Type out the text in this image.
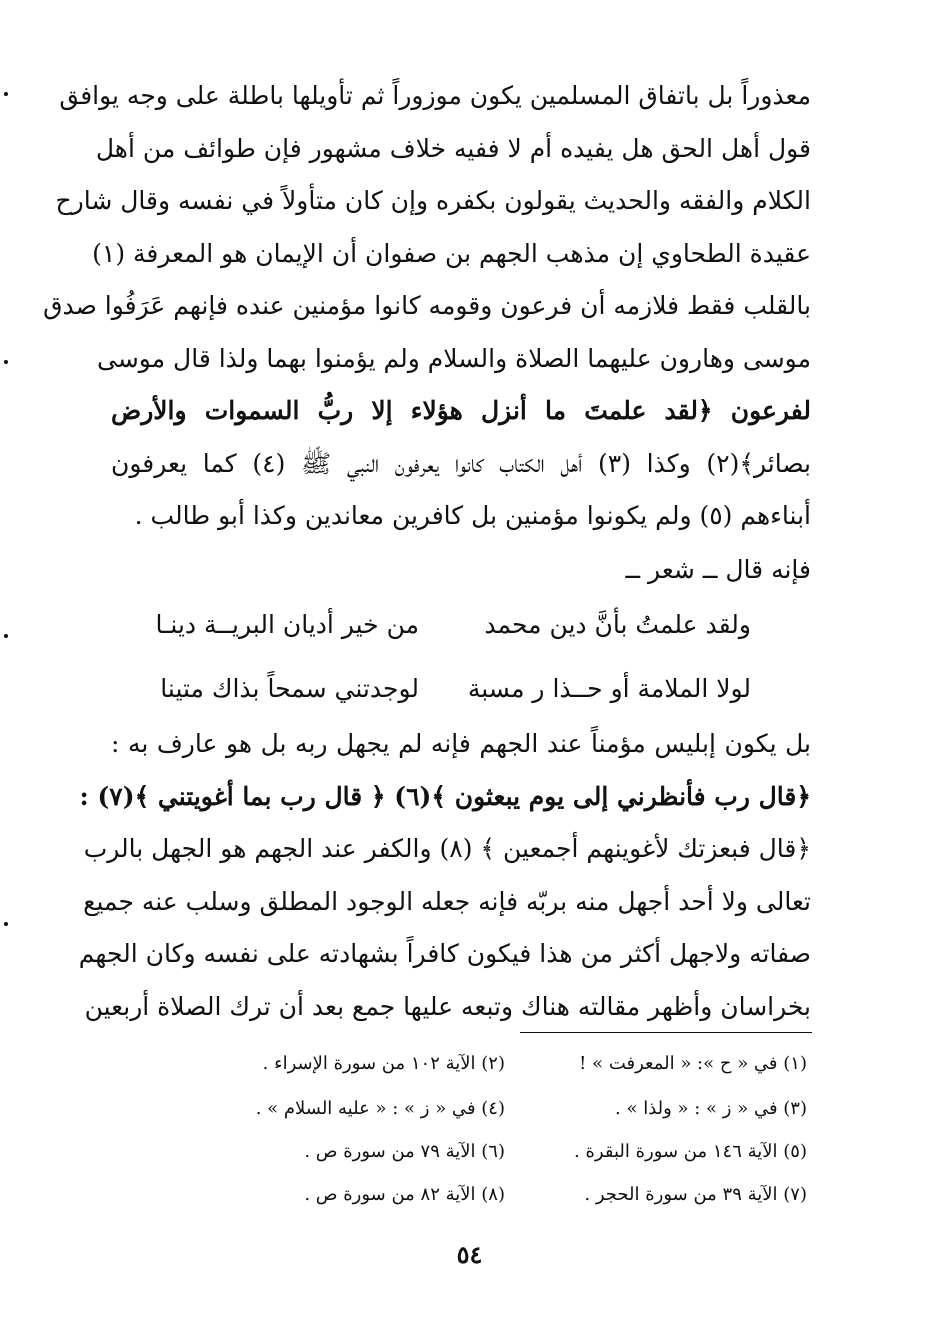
معذوراً بل باتفاق المسلمين يكون موزوراً ثم تأويلها باطلة على وجه يوافق
قول أهل الحق هل يفيده أم لا ففيه خلاف مشهور فإن طوائف من أهل
الكلام والفقه والحديث يقولون بكفره وإن كان متأولاً في نفسه وقال شارح
عقيدة الطحاوي إن مذهب الجهم بن صفوان أن الإيمان هو المعرفة (١)
بالقلب فقط فلازمه أن فرعون وقومه كانوا مؤمنين عنده فإنهم عَرَفُوا صدق
موسى وهارون عليهما الصلاة والسلام ولم يؤمنوا بهما ولذا قال موسى
لفرعون ﴿لقد علمتَ ما أنزل هؤلاء إلا ربُّ السموات والأرض
بصائر﴾(٢) وكذا (٣) أهل الكتاب كانوا يعرفون النبي ﷺ (٤) كما يعرفون
أبناءهم (٥) ولم يكونوا مؤمنين بل كافرين معاندين وكذا أبو طالب .
فإنه قال ــ شعر ــ
ولقد علمتُ بأنَّ دين محمد
من خير أديان البريــة دينـا
لولا الملامة أو حــذا ر مسبة
لوجدتني سمحاً بذاك متينا
بل يكون إبليس مؤمناً عند الجهم فإنه لم يجهل ربه بل هو عارف به :
﴿قال رب فأنظرني إلى يوم يبعثون ﴾(٦) ﴿ قال رب بما أغويتني ﴾(٧) :
﴿قال فبعزتك لأغوينهم أجمعين ﴾ (٨) والكفر عند الجهم هو الجهل بالرب
تعالى ولا أحد أجهل منه بربّه فإنه جعله الوجود المطلق وسلب عنه جميع
صفاته ولاجهل أكثر من هذا فيكون كافراً بشهادته على نفسه وكان الجهم
بخراسان وأظهر مقالته هناك وتبعه عليها جمع بعد أن ترك الصلاة أربعين
(١) في « ح »: « المعرفت » !
(٢) الآية ١٠٢ من سورة الإسراء .
(٣) في « ز » : « ولذا » .
(٤) في « ز » : « عليه السلام » .
(٥) الآية ١٤٦ من سورة البقرة .
(٦) الآية ٧٩ من سورة ص .
(٧) الآية ٣٩ من سورة الحجر .
(٨) الآية ٨٢ من سورة ص .
٥٤
